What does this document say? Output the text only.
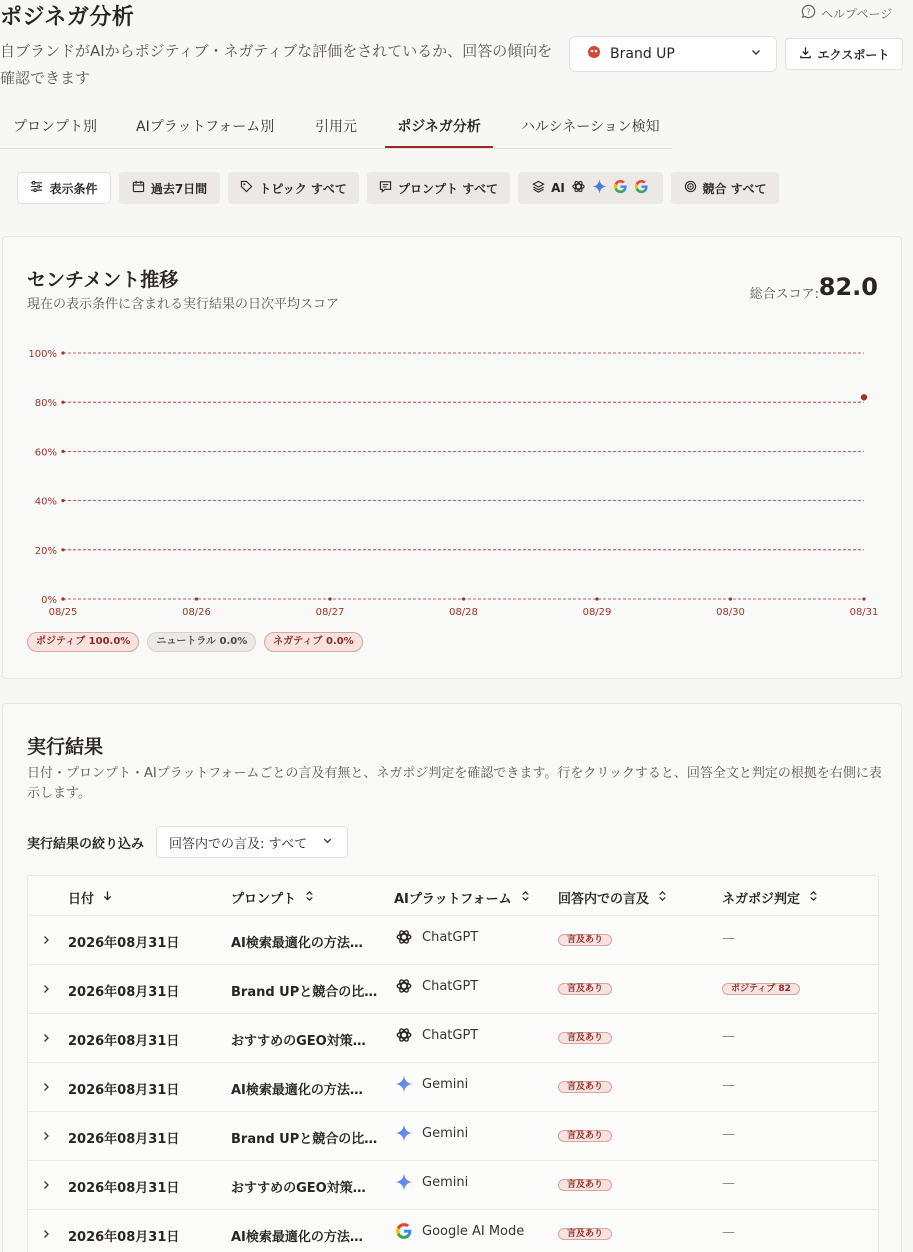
ポジネガ分析	? ヘルプページ
自ブランドがAIからポジティブ・ネガティブな評価をされているか、回答の傾向を確認できます
Brand UP	エクスポート
プロンプト別	AIプラットフォーム別	引用元	ポジネガ分析	ハルシネーション検知
表示条件	過去7日間	トピック すべて	プロンプト すべて	AI	競合 すべて
センチメント推移
現在の表示条件に含まれる実行結果の日次平均スコア
総合スコア: 82.0
100%
80%
60%
40%
20%
0%
08/25	08/26	08/27	08/28	08/29	08/30	08/31
ポジティブ 100.0%	ニュートラル 0.0%	ネガティブ 0.0%
実行結果
日付・プロンプト・AIプラットフォームごとの言及有無と、ネガポジ判定を確認できます。行をクリックすると、回答全文と判定の根拠を右側に表示します。
実行結果の絞り込み 回答内での言及: すべて
日付	プロンプト	AIプラットフォーム	回答内での言及	ネガポジ判定
2026年08月31日	AI検索最適化の方法…	ChatGPT	言及あり	—
2026年08月31日	Brand UPと競合の比…	ChatGPT	言及あり	ポジティブ 82
2026年08月31日	おすすめのGEO対策…	ChatGPT	言及あり	—
2026年08月31日	AI検索最適化の方法…	Gemini	言及あり	—
2026年08月31日	Brand UPと競合の比…	Gemini	言及あり	—
2026年08月31日	おすすめのGEO対策…	Gemini	言及あり	—
2026年08月31日	AI検索最適化の方法…	Google AI Mode	言及あり	—
